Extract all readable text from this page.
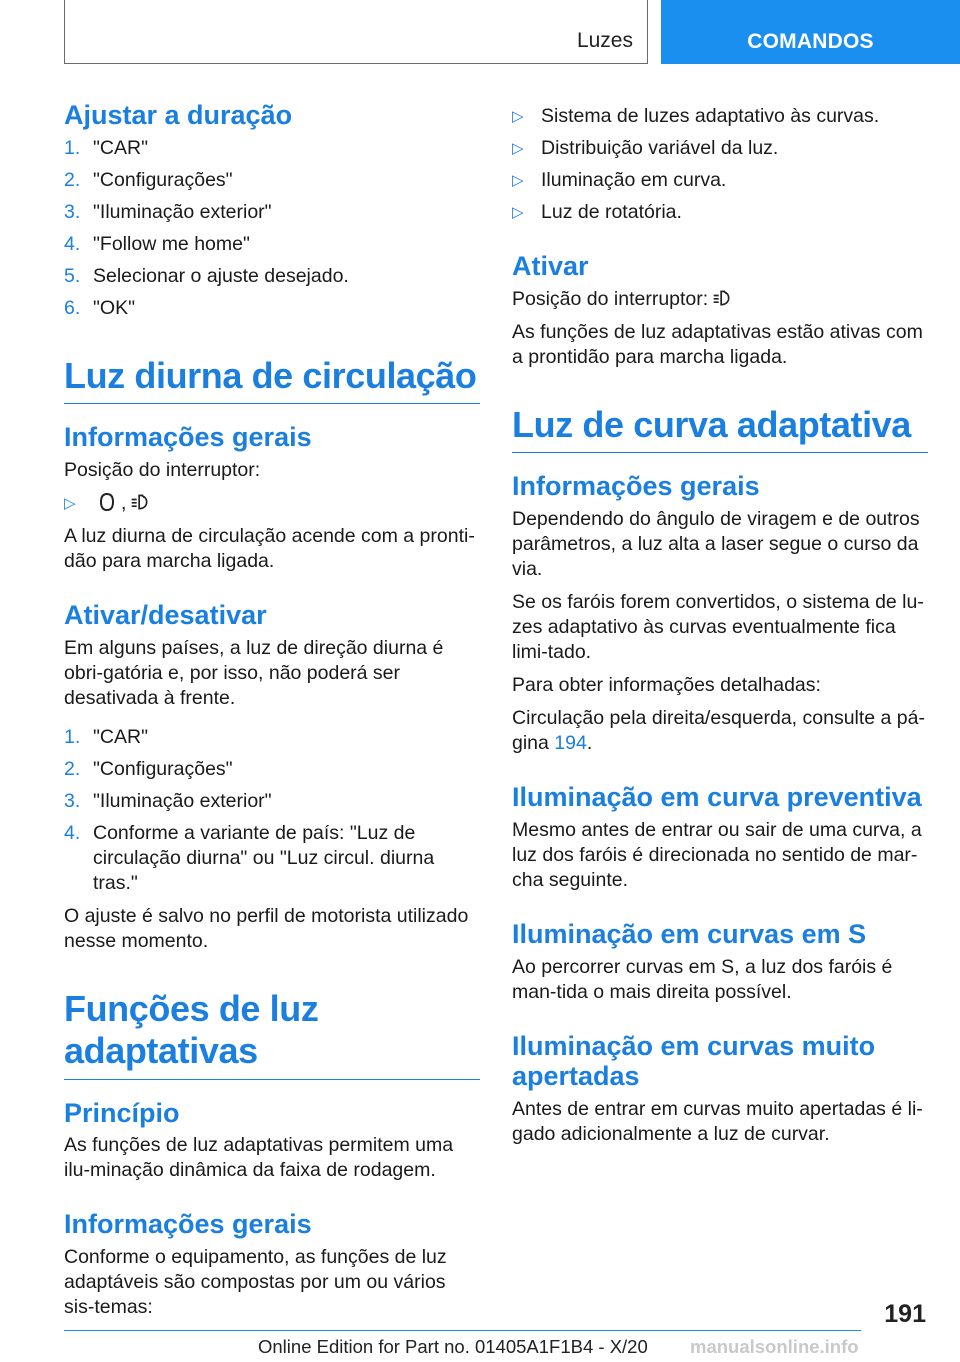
Luzes	COMANDOS
Ajustar a duração
1. "CAR"
2. "Configurações"
3. "Iluminação exterior"
4. "Follow me home"
5. Selecionar o ajuste desejado.
6. "OK"
Luz diurna de circulação
Informações gerais

Posição do interruptor:

▷ ,

A luz diurna de circulação acende com a pronti-dão para marcha ligada.

Ativar/desativar

Em alguns países, a luz de direção diurna é obri-gatória e, por isso, não poderá ser desativada à frente.

1. "CAR"
2. "Configurações"
3. "Iluminação exterior"
4. Conforme a variante de país: "Luz de circulação diurna" ou "Luz circul. diurna tras."

O ajuste é salvo no perfil de motorista utilizado nesse momento.

Funções de luz adaptativas
Princípio

As funções de luz adaptativas permitem uma ilu-minação dinâmica da faixa de rodagem.

Informações gerais

Conforme o equipamento, as funções de luz adaptáveis são compostas por um ou vários sis-temas:

▷ Sistema de luzes adaptativo às curvas.
▷ Distribuição variável da luz.
▷ Iluminação em curva.
▷ Luz de rotatória.
Ativar

Posição do interruptor:

As funções de luz adaptativas estão ativas com a prontidão para marcha ligada.

Luz de curva adaptativa
Informações gerais

Dependendo do ângulo de viragem e de outros parâmetros, a luz alta a laser segue o curso da via.

Se os faróis forem convertidos, o sistema de lu-zes adaptativo às curvas eventualmente fica limi-tado.

Para obter informações detalhadas:

Circulação pela direita/esquerda, consulte a pá-gina 194.

Iluminação em curva preventiva

Mesmo antes de entrar ou sair de uma curva, a luz dos faróis é direcionada no sentido de mar-cha seguinte.

Iluminação em curvas em S

Ao percorrer curvas em S, a luz dos faróis é man-tida o mais direita possível.

Iluminação em curvas muito apertadas

Antes de entrar em curvas muito apertadas é li-gado adicionalmente a luz de curvar.

191
Online Edition for Part no. 01405A1F1B4 - X/20 manualsonline.info
